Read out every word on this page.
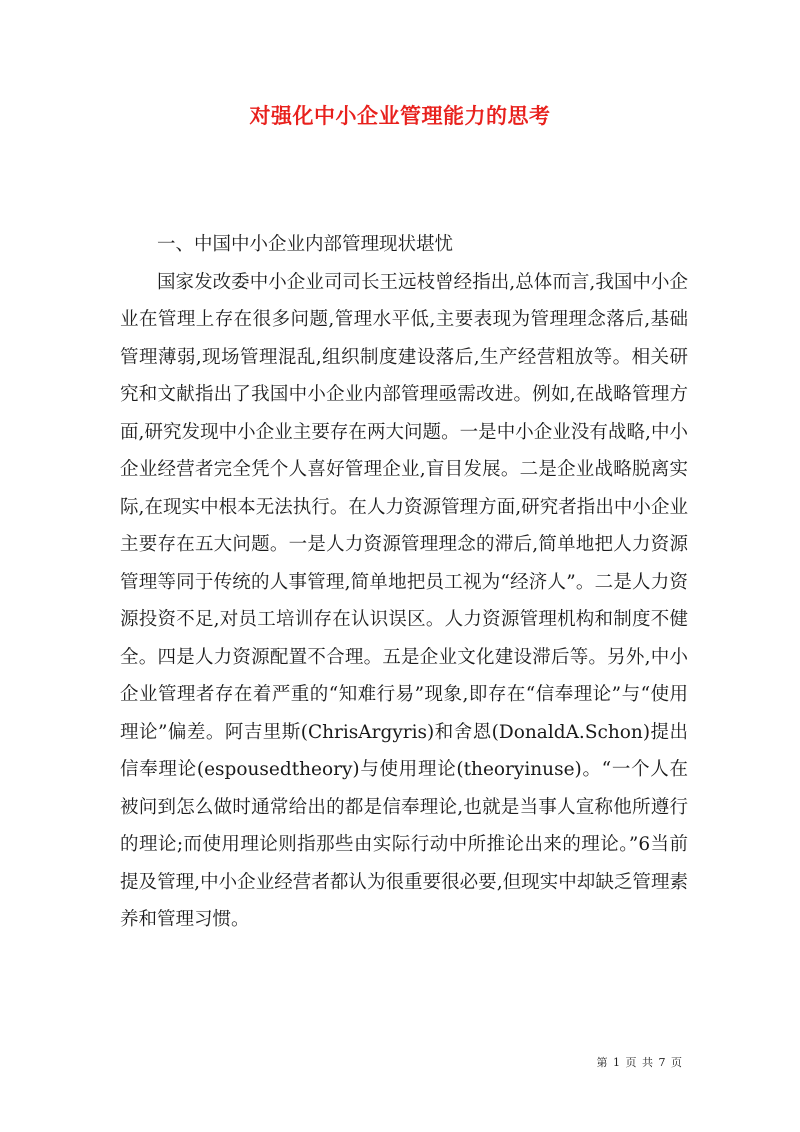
对强化中小企业管理能力的思考

一、中国中小企业内部管理现状堪忧

国家发改委中小企业司司长王远枝曾经指出,总体而言,我国中小企业在管理上存在很多问题,管理水平低,主要表现为管理理念落后,基础管理薄弱,现场管理混乱,组织制度建设落后,生产经营粗放等。相关研究和文献指出了我国中小企业内部管理亟需改进。例如,在战略管理方面,研究发现中小企业主要存在两大问题。一是中小企业没有战略,中小企业经营者完全凭个人喜好管理企业,盲目发展。二是企业战略脱离实际,在现实中根本无法执行。在人力资源管理方面,研究者指出中小企业主要存在五大问题。一是人力资源管理理念的滞后,简单地把人力资源管理等同于传统的人事管理,简单地把员工视为“经济人”。二是人力资源投资不足,对员工培训存在认识误区。人力资源管理机构和制度不健全。四是人力资源配置不合理。五是企业文化建设滞后等。另外,中小企业管理者存在着严重的“知难行易”现象,即存在“信奉理论”与“使用理论”偏差。阿吉里斯(ChrisArgyris)和舍恩(DonaldA.Schon)提出信奉理论(espousedtheory)与使用理论(theoryinuse)。“一个人在被问到怎么做时通常给出的都是信奉理论,也就是当事人宣称他所遵行的理论;而使用理论则指那些由实际行动中所推论出来的理论。”6当前提及管理,中小企业经营者都认为很重要很必要,但现实中却缺乏管理素养和管理习惯。

第 1 页 共 7 页
